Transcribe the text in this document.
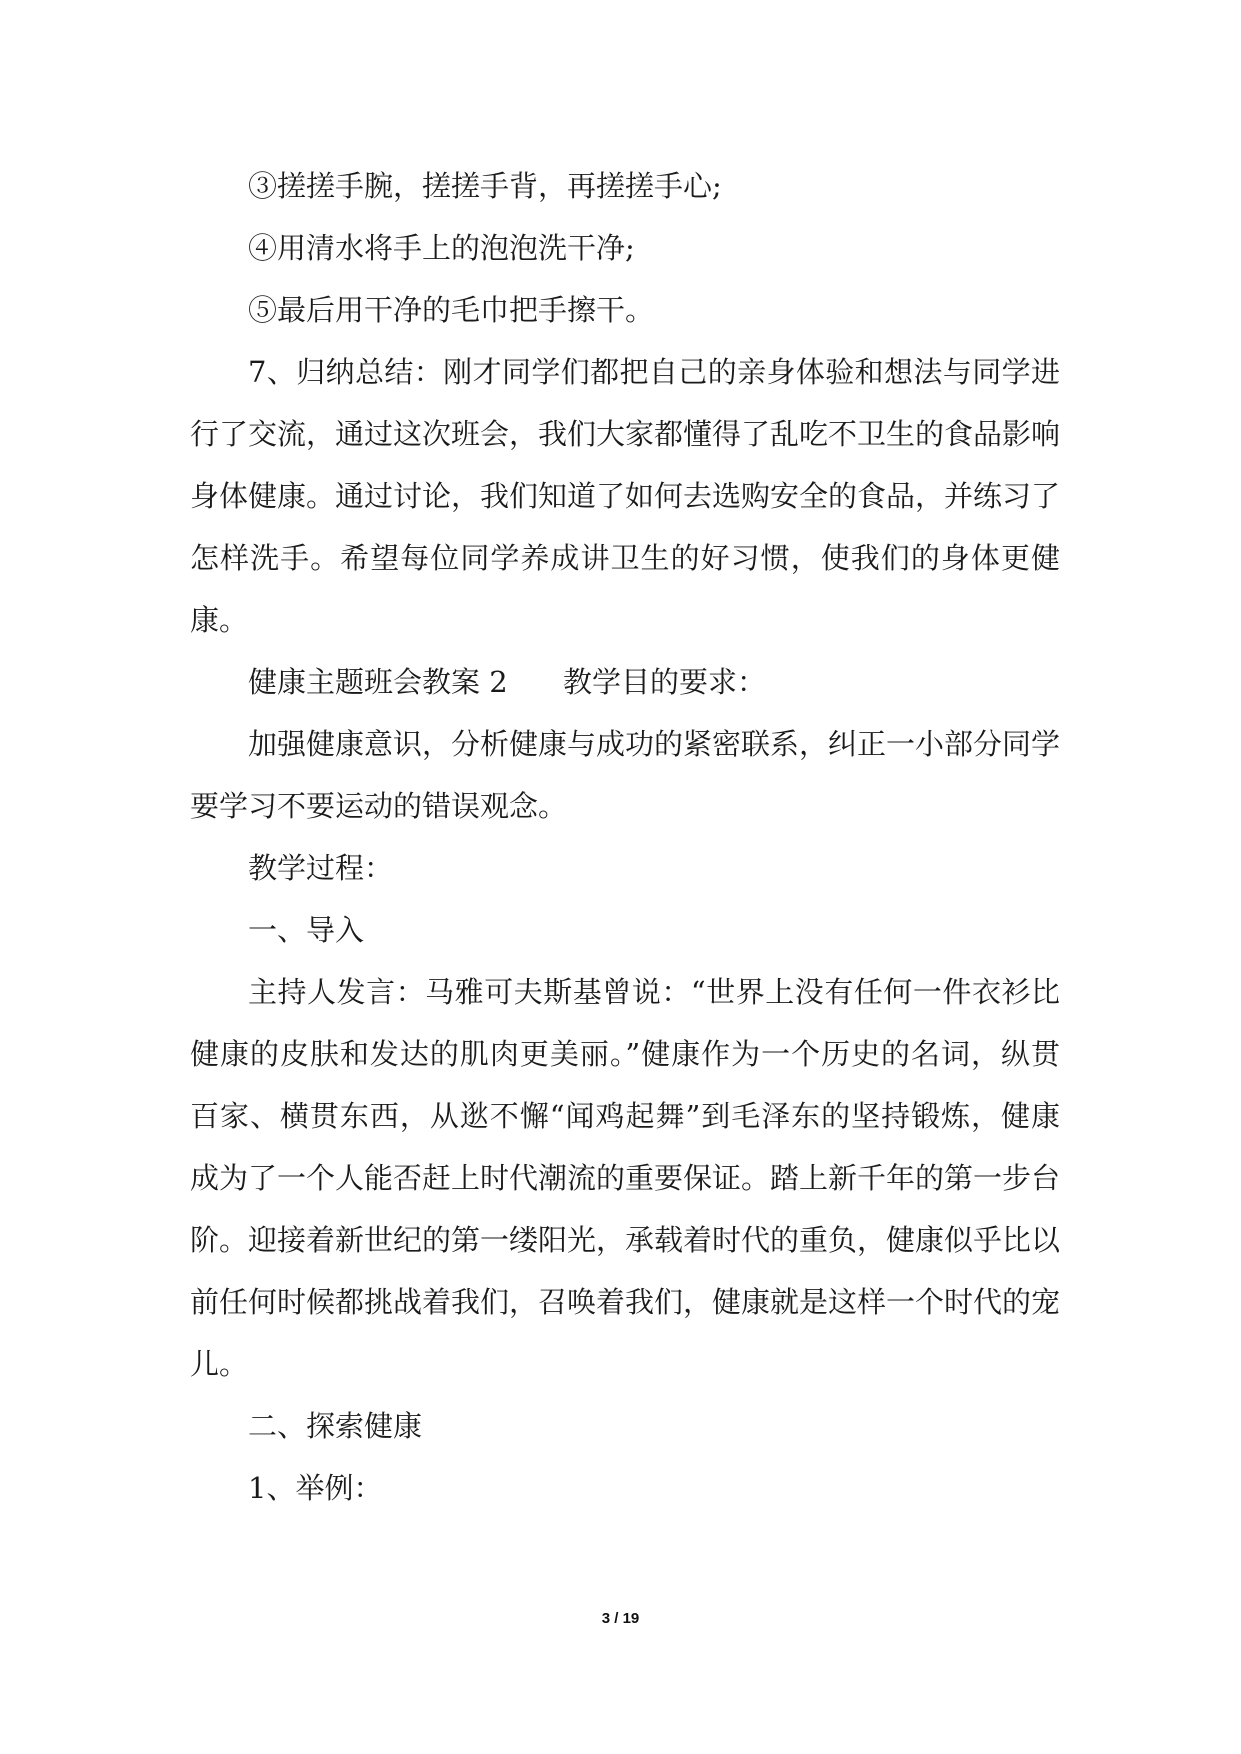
③搓搓手腕，搓搓手背，再搓搓手心;

④用清水将手上的泡泡洗干净;

⑤最后用干净的毛巾把手擦干。

7、归纳总结：刚才同学们都把自己的亲身体验和想法与同学进行了交流，通过这次班会，我们大家都懂得了乱吃不卫生的食品影响身体健康。通过讨论，我们知道了如何去选购安全的食品，并练习了怎样洗手。希望每位同学养成讲卫生的好习惯，使我们的身体更健康。

健康主题班会教案 2      教学目的要求：

加强健康意识，分析健康与成功的紧密联系，纠正一小部分同学要学习不要运动的错误观念。

教学过程：

一、导入

主持人发言：马雅可夫斯基曾说：“世界上没有任何一件衣衫比健康的皮肤和发达的肌肉更美丽。”健康作为一个历史的名词，纵贯百家、横贯东西，从逖不懈“闻鸡起舞”到毛泽东的坚持锻炼，健康成为了一个人能否赶上时代潮流的重要保证。踏上新千年的第一步台阶。迎接着新世纪的第一缕阳光，承载着时代的重负，健康似乎比以前任何时候都挑战着我们，召唤着我们，健康就是这样一个时代的宠儿。

二、探索健康

1、举例：

3 / 19
